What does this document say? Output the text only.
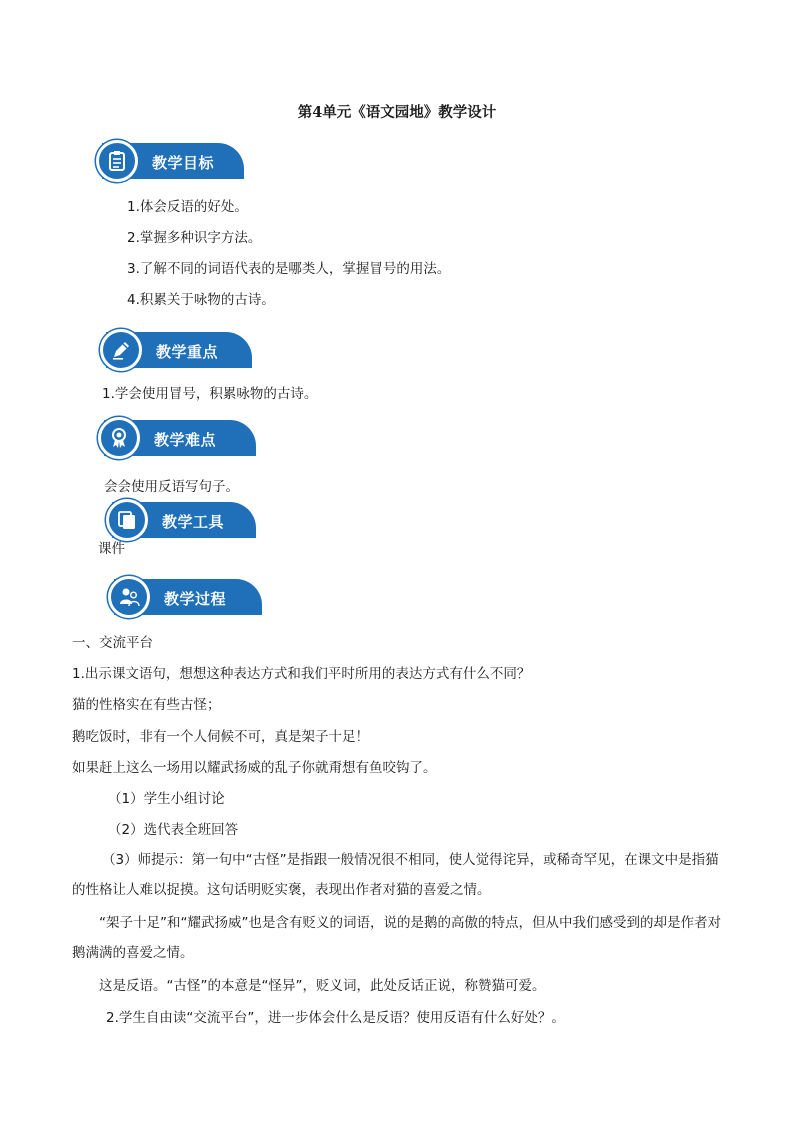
第4单元《语文园地》教学设计
教学目标
1.体会反语的好处。
2.掌握多种识字方法。
3.了解不同的词语代表的是哪类人，掌握冒号的用法。
4.积累关于咏物的古诗。
教学重点
1.学会使用冒号，积累咏物的古诗。
教学难点
会会使用反语写句子。
教学工具
课件
教学过程
一、交流平台
1.出示课文语句，想想这种表达方式和我们平时所用的表达方式有什么不同？
猫的性格实在有些古怪；
鹅吃饭时，非有一个人伺候不可，真是架子十足！
如果赶上这么一场用以耀武扬威的乱子你就甭想有鱼咬钩了。
（1）学生小组讨论
（2）选代表全班回答
（3）师提示：第一句中“古怪”是指跟一般情况很不相同，使人觉得诧异，或稀奇罕见，在课文中是指猫的性格让人难以捉摸。这句话明贬实褒，表现出作者对猫的喜爱之情。
“架子十足”和“耀武扬威”也是含有贬义的词语，说的是鹅的高傲的特点，但从中我们感受到的却是作者对鹅满满的喜爱之情。
这是反语。“古怪”的本意是“怪异”，贬义词，此处反话正说，称赞猫可爱。
2.学生自由读“交流平台”，进一步体会什么是反语？使用反语有什么好处？。
